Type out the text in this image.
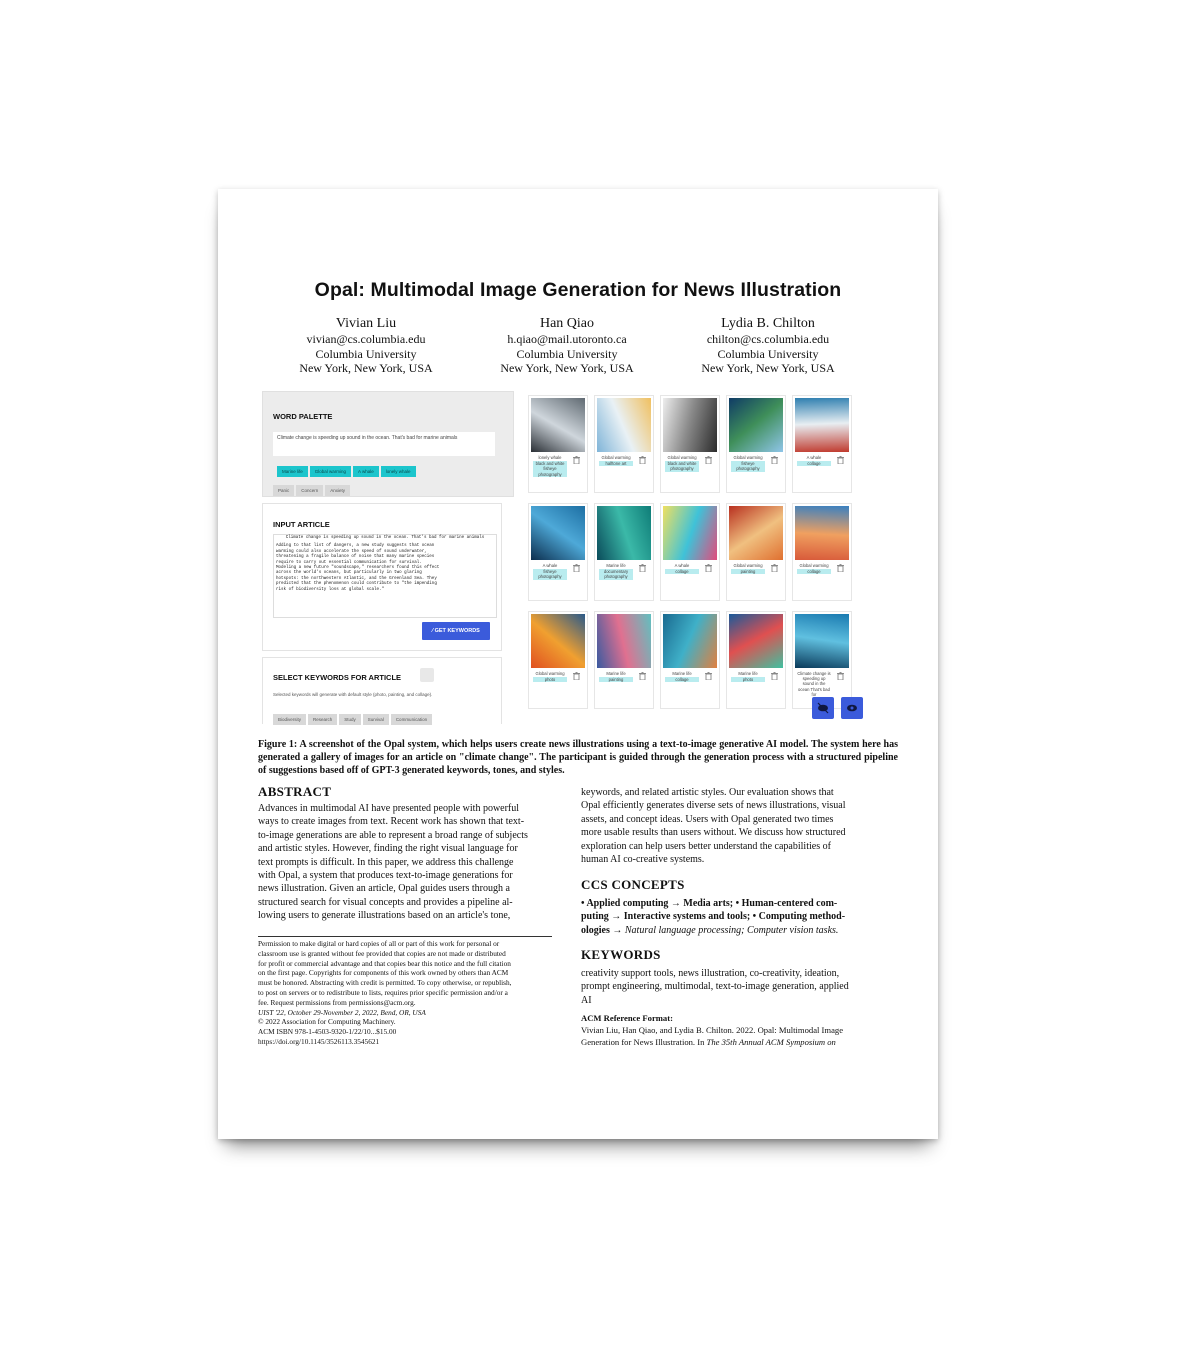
Opal: Multimodal Image Generation for News Illustration
Vivian Liu
vivian@cs.columbia.edu
Columbia University
New York, New York, USA
Han Qiao
h.qiao@mail.utoronto.ca
Columbia University
New York, New York, USA
Lydia B. Chilton
chilton@cs.columbia.edu
Columbia University
New York, New York, USA
WORD PALETTE
Climate change is speeding up sound in the ocean. That's bad for marine animals
Marine life	Global warming	A whale	lonely whale
Panic	Concern	Anxiety
INPUT ARTICLE
Climate change is speeding up sound in the ocean. That's bad for marine animals
Adding to that list of dangers, a new study suggests that ocean
warming could also accelerate the speed of sound underwater,
threatening a fragile balance of noise that many marine species
require to carry out essential communication for survival.
Modeling a new future "soundscape," researchers found this effect
across the world's oceans, but particularly in two glaring
hotspots: the northwestern Atlantic, and the Greenland Sea. They
predicted that the phenomenon could contribute to "the impending
risk of biodiversity loss at global scale."
⁄ GET KEYWORDS
SELECT KEYWORDS FOR ARTICLE
Selected keywords will generate with default style (photo, painting, and collage).
Biodiversity	Research	Study	Survival	Communication
lonely whale
black and white fisheye photography
Global warming
halftone art
Global warming
black and white photography
Global warming
fisheye photography
A whale
collage
A whale
fisheye photography
Marine life
documentary photography
A whale
collage
Global warming
painting
Global warming
collage
Global warming
photo
Marine life
painting
Marine life
collage
Marine life
photo
Climate change is speeding up sound in the ocean That's bad for
Figure 1: A screenshot of the Opal system, which helps users create news illustrations using a text-to-image generative AI model. The system here has generated a gallery of images for an article on "climate change". The participant is guided through the generation process with a structured pipeline of suggestions based off of GPT-3 generated keywords, tones, and styles.
ABSTRACT
Advances in multimodal AI have presented people with powerful
ways to create images from text. Recent work has shown that text-
to-image generations are able to represent a broad range of subjects
and artistic styles. However, finding the right visual language for
text prompts is difficult. In this paper, we address this challenge
with Opal, a system that produces text-to-image generations for
news illustration. Given an article, Opal guides users through a
structured search for visual concepts and provides a pipeline al-
lowing users to generate illustrations based on an article's tone,
Permission to make digital or hard copies of all or part of this work for personal or
classroom use is granted without fee provided that copies are not made or distributed
for profit or commercial advantage and that copies bear this notice and the full citation
on the first page. Copyrights for components of this work owned by others than ACM
must be honored. Abstracting with credit is permitted. To copy otherwise, or republish,
to post on servers or to redistribute to lists, requires prior specific permission and/or a
fee. Request permissions from permissions@acm.org.
UIST '22, October 29-November 2, 2022, Bend, OR, USA
© 2022 Association for Computing Machinery.
ACM ISBN 978-1-4503-9320-1/22/10...$15.00
https://doi.org/10.1145/3526113.3545621
keywords, and related artistic styles. Our evaluation shows that
Opal efficiently generates diverse sets of news illustrations, visual
assets, and concept ideas. Users with Opal generated two times
more usable results than users without. We discuss how structured
exploration can help users better understand the capabilities of
human AI co-creative systems.
CCS CONCEPTS
• Applied computing → Media arts; • Human-centered com-
puting → Interactive systems and tools; • Computing method-
ologies → Natural language processing; Computer vision tasks.
KEYWORDS
creativity support tools, news illustration, co-creativity, ideation,
prompt engineering, multimodal, text-to-image generation, applied
AI
ACM Reference Format:
Vivian Liu, Han Qiao, and Lydia B. Chilton. 2022. Opal: Multimodal Image
Generation for News Illustration. In The 35th Annual ACM Symposium on
